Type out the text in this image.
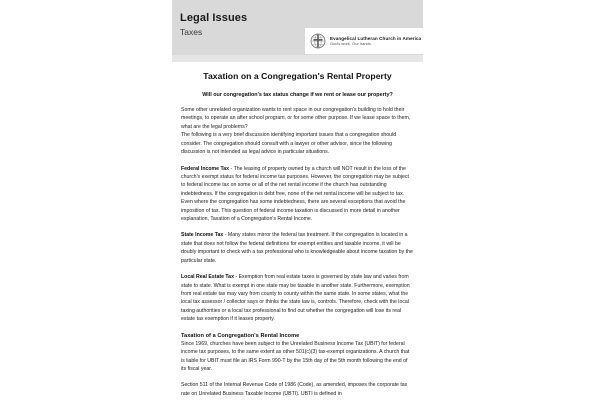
Legal Issues
Taxes
Evangelical Lutheran Church in America
God's work. Our hands.
Taxation on a Congregation's Rental Property
Will our congregation's tax status change if we rent or lease our property?

Some other unrelated organization wants to rent space in our congregation's building to hold their meetings, to operate an after school program, or for some other purpose. If we lease space to them, what are the legal problems?

The following is a very brief discussion identifying important issues that a congregation should consider. The congregation should consult with a lawyer or other advisor, since the following discussion is not intended as legal advice in particular situations.

Federal Income Tax - The leasing of property owned by a church will NOT result in the loss of the church's exempt status for federal income tax purposes. However, the congregation may be subject to federal income tax on some or all of the net rental income if the church has outstanding indebtedness. If the congregation is debt free, none of the net rental income will be subject to tax. Even where the congregation has some indebtedness, there are several exceptions that avoid the imposition of tax. This question of federal income taxation is discussed in more detail in another explanation, Taxation of a Congregation's Rental Income.

State Income Tax - Many states mirror the federal tax treatment. If the congregation is located in a state that does not follow the federal definitions for exempt entities and taxable income, it will be doubly important to check with a tax professional who is knowledgeable about income taxation by the particular state.

Local Real Estate Tax - Exemption from real estate taxes is governed by state law and varies from state to state. What is exempt in one state may be taxable in another state. Furthermore, exemption from real estate tax may vary from county to county within the same state. In some states, what the local tax assessor / collector says or thinks the state law is, controls. Therefore, check with the local taxing authorities or a local tax professional to find out whether the congregation will lose its real estate tax exemption if it leases property.

Taxation of a Congregation's Rental Income

Since 1969, churches have been subject to the Unrelated Business Income Tax (UBIT) for federal income tax purposes, to the same extent as other 501(c)(3) tax-exempt organizations. A church that is liable for UBIT must file an IRS Form 990-T by the 15th day of the 5th month following the end of its fiscal year.

Section 511 of the Internal Revenue Code of 1986 (Code), as amended, imposes the corporate tax rate on Unrelated Business Taxable Income (UBTI). UBTI is defined in
